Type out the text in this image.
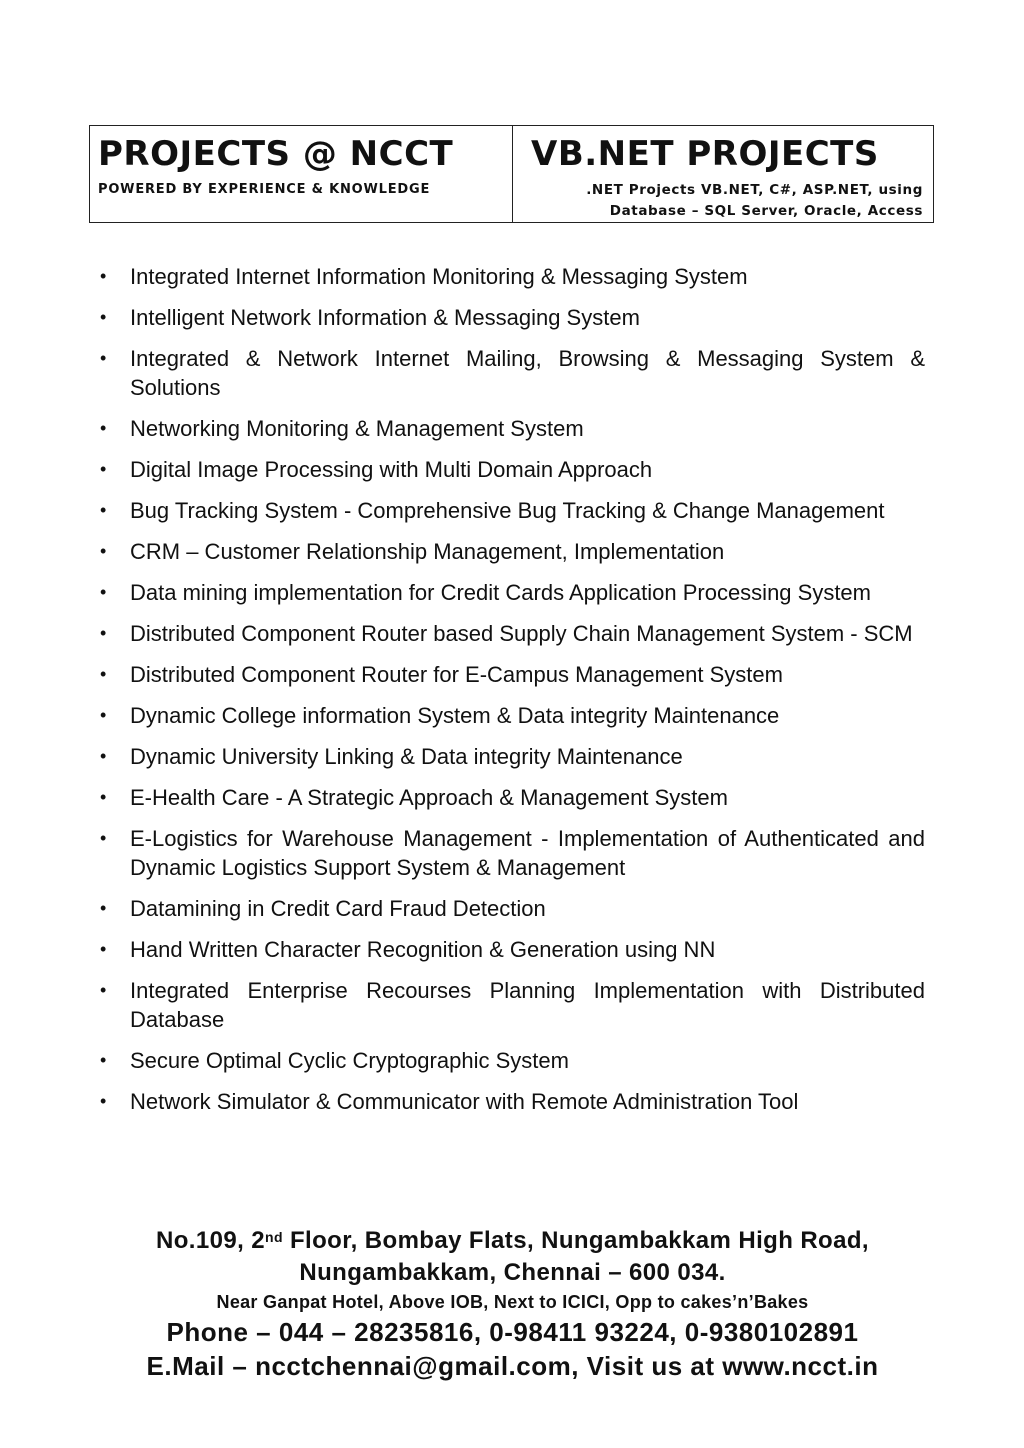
PROJECTS @ NCCT
POWERED BY EXPERIENCE & KNOWLEDGE
VB.NET PROJECTS
.NET Projects VB.NET, C#, ASP.NET, using
Database – SQL Server, Oracle, Access
• Integrated Internet Information Monitoring & Messaging System
• Intelligent Network Information & Messaging System
• Integrated & Network Internet Mailing, Browsing & Messaging System & Solutions
• Networking Monitoring & Management System
• Digital Image Processing with Multi Domain Approach
• Bug Tracking System - Comprehensive Bug Tracking & Change Management
• CRM – Customer Relationship Management, Implementation
• Data mining implementation for Credit Cards Application Processing System
• Distributed Component Router based Supply Chain Management System - SCM
• Distributed Component Router for E-Campus Management System
• Dynamic College information System & Data integrity Maintenance
• Dynamic University Linking & Data integrity Maintenance
• E-Health Care - A Strategic Approach & Management System
• E-Logistics for Warehouse Management - Implementation of Authenticated and Dynamic Logistics Support System & Management
• Datamining in Credit Card Fraud Detection
• Hand Written Character Recognition & Generation using NN
• Integrated Enterprise Recourses Planning Implementation with Distributed Database
• Secure Optimal Cyclic Cryptographic System
• Network Simulator & Communicator with Remote Administration Tool
No.109, 2nd Floor, Bombay Flats, Nungambakkam High Road,
Nungambakkam, Chennai – 600 034.
Near Ganpat Hotel, Above IOB, Next to ICICI, Opp to cakes’n’Bakes
Phone – 044 – 28235816, 0-98411 93224, 0-9380102891
E.Mail – ncctchennai@gmail.com, Visit us at www.ncct.in
